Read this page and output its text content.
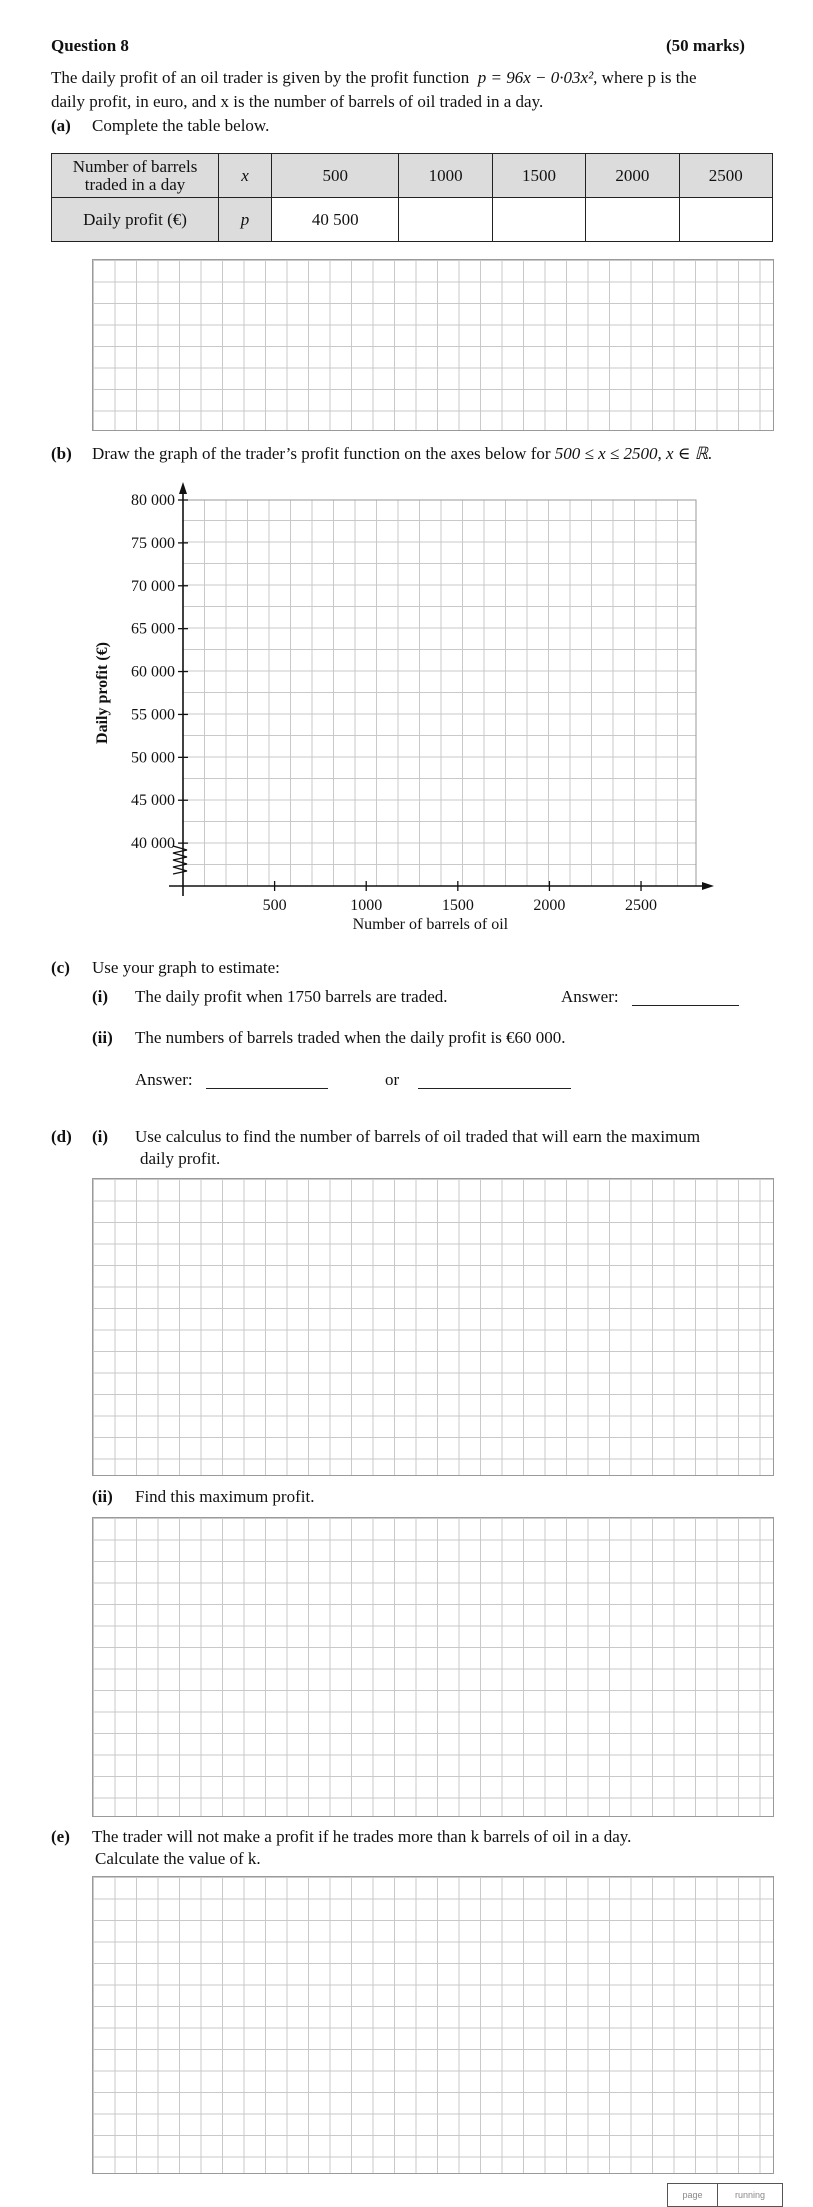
Question 8	(50 marks)
The daily profit of an oil trader is given by the profit function p = 96x − 0·03x², where p is the
daily profit, in euro, and x is the number of barrels of oil traded in a day.
(a) Complete the table below.
Number of barrels traded in a day	x	500	1000	1500	2000	2500
Daily profit (€)	p	40 500				
(b) Draw the graph of the trader’s profit function on the axes below for 500 ≤ x ≤ 2500, x ∈ ℝ.
40 000
45 000
50 000
55 000
60 000
65 000
70 000
75 000
80 000
500	1000	1500	2000	2500
Number of barrels of oil
Daily profit (€)
(c) Use your graph to estimate:
(i) The daily profit when 1750 barrels are traded.	Answer:
(ii) The numbers of barrels traded when the daily profit is €60 000.
Answer:	or
(d) (i) Use calculus to find the number of barrels of oil traded that will earn the maximum
daily profit.
(ii) Find this maximum profit.
(e) The trader will not make a profit if he trades more than k barrels of oil in a day.
Calculate the value of k.
page	running
